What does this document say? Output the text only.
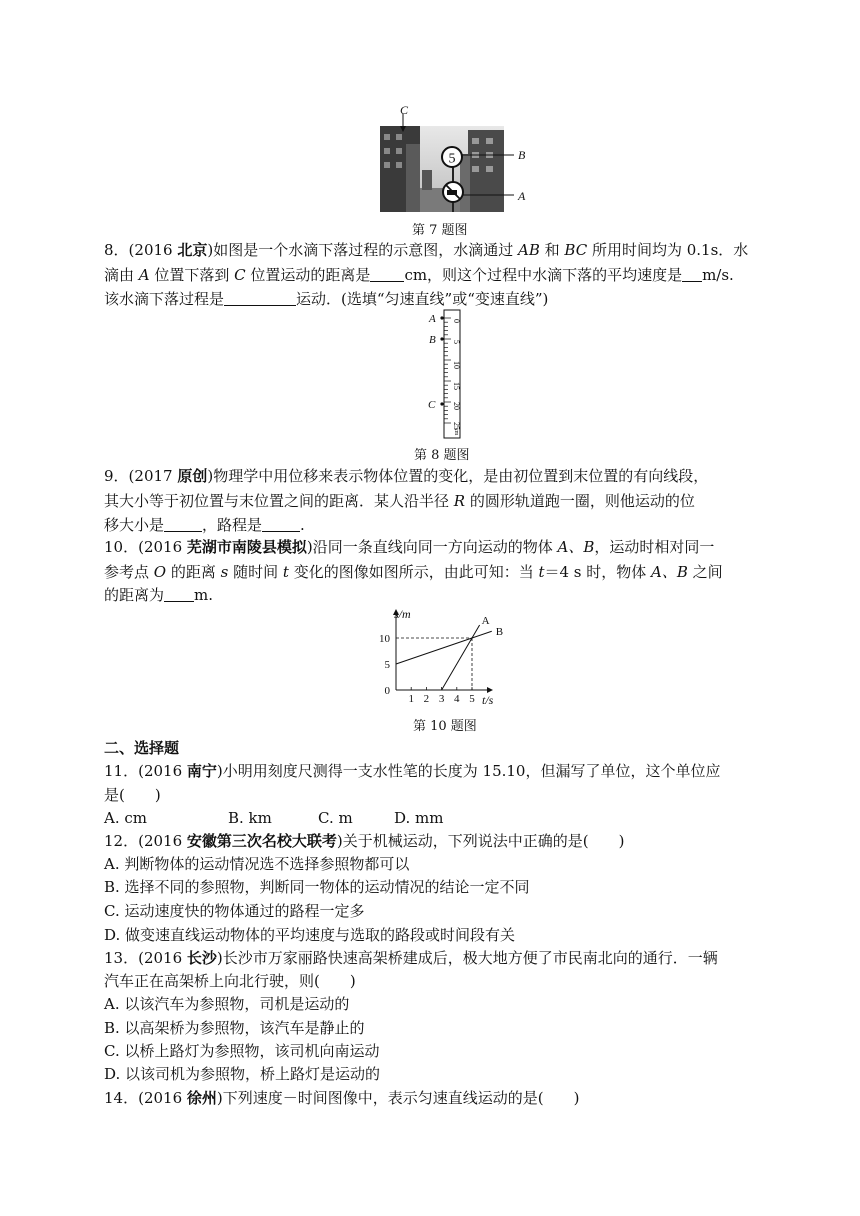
5
C
B
A
第 7 题图
8．(2016 北京)如图是一个水滴下落过程的示意图，水滴通过 AB 和 BC 所用时间均为 0.1s．水
滴由 A 位置下落到 C 位置运动的距离是 cm，则这个过程中水滴下落的平均速度是 m/s.
该水滴下落过程是	运动．(选填“匀速直线”或“变速直线”)
A
B
C
0
5
10
15
20
25
cm
第 8 题图
9．(2017 原创)物理学中用位移来表示物体位置的变化，是由初位置到末位置的有向线段，
其大小等于初位置与末位置之间的距离．某人沿半径 R 的圆形轨道跑一圈，则他运动的位
移大小是	，路程是	.
10．(2016 芜湖市南陵县模拟)沿同一条直线向同一方向运动的物体 A、B，运动时相对同一
参考点 O 的距离 s 随时间 t 变化的图像如图所示，由此可知：当 t＝4 s 时，物体 A、B 之间
的距离为 m.
1 2 3 4 5
0
5
10
A
B
s/m
t/s
第 10 题图
二、选择题
11．(2016 南宁)小明用刻度尺测得一支水性笔的长度为 15.10，但漏写了单位，这个单位应
是(　　)
A. cm	B. km	C. m	D. mm
12．(2016 安徽第三次名校大联考)关于机械运动，下列说法中正确的是(　　)
A. 判断物体的运动情况选不选择参照物都可以
B. 选择不同的参照物，判断同一物体的运动情况的结论一定不同
C. 运动速度快的物体通过的路程一定多
D. 做变速直线运动物体的平均速度与选取的路段或时间段有关
13．(2016 长沙)长沙市万家丽路快速高架桥建成后，极大地方便了市民南北向的通行．一辆
汽车正在高架桥上向北行驶，则(　　)
A. 以该汽车为参照物，司机是运动的
B. 以高架桥为参照物，该汽车是静止的
C. 以桥上路灯为参照物，该司机向南运动
D. 以该司机为参照物，桥上路灯是运动的
14．(2016 徐州)下列速度－时间图像中，表示匀速直线运动的是(　　)
